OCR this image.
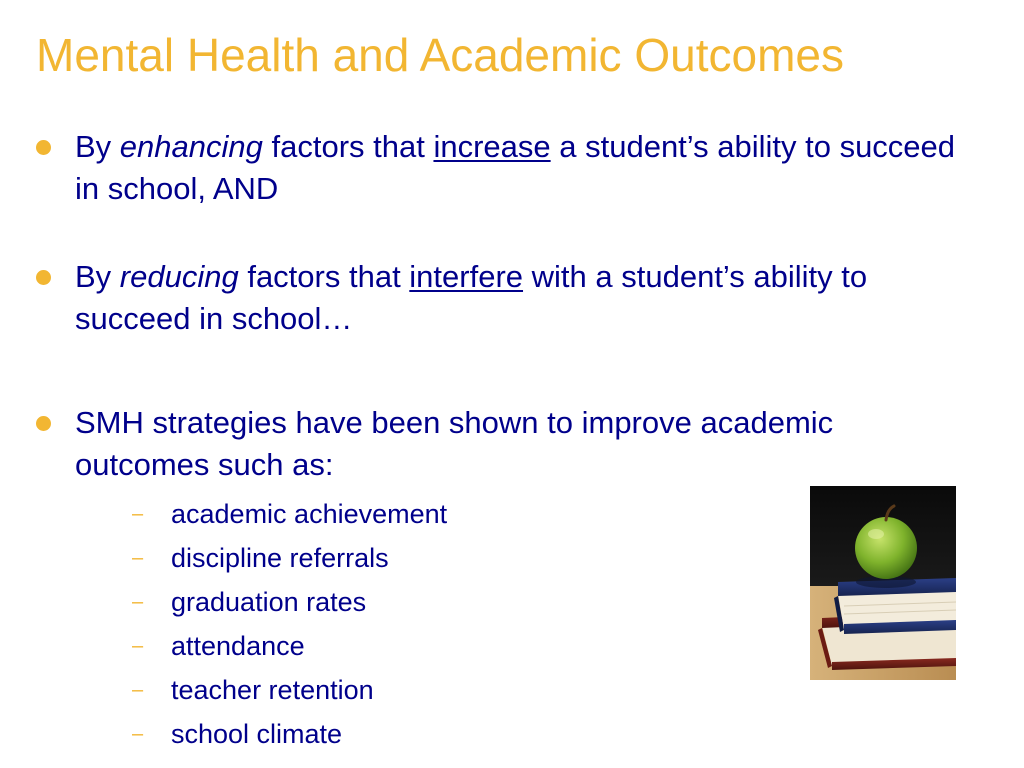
Mental Health and Academic Outcomes
By enhancing factors that increase a student’s ability to succeed in school, AND
By reducing factors that interfere with a student’s ability to succeed in school…
SMH strategies have been shown to improve academic outcomes such as:
–	academic achievement
–	discipline referrals
–	graduation rates
–	attendance
–	teacher retention
–	school climate
